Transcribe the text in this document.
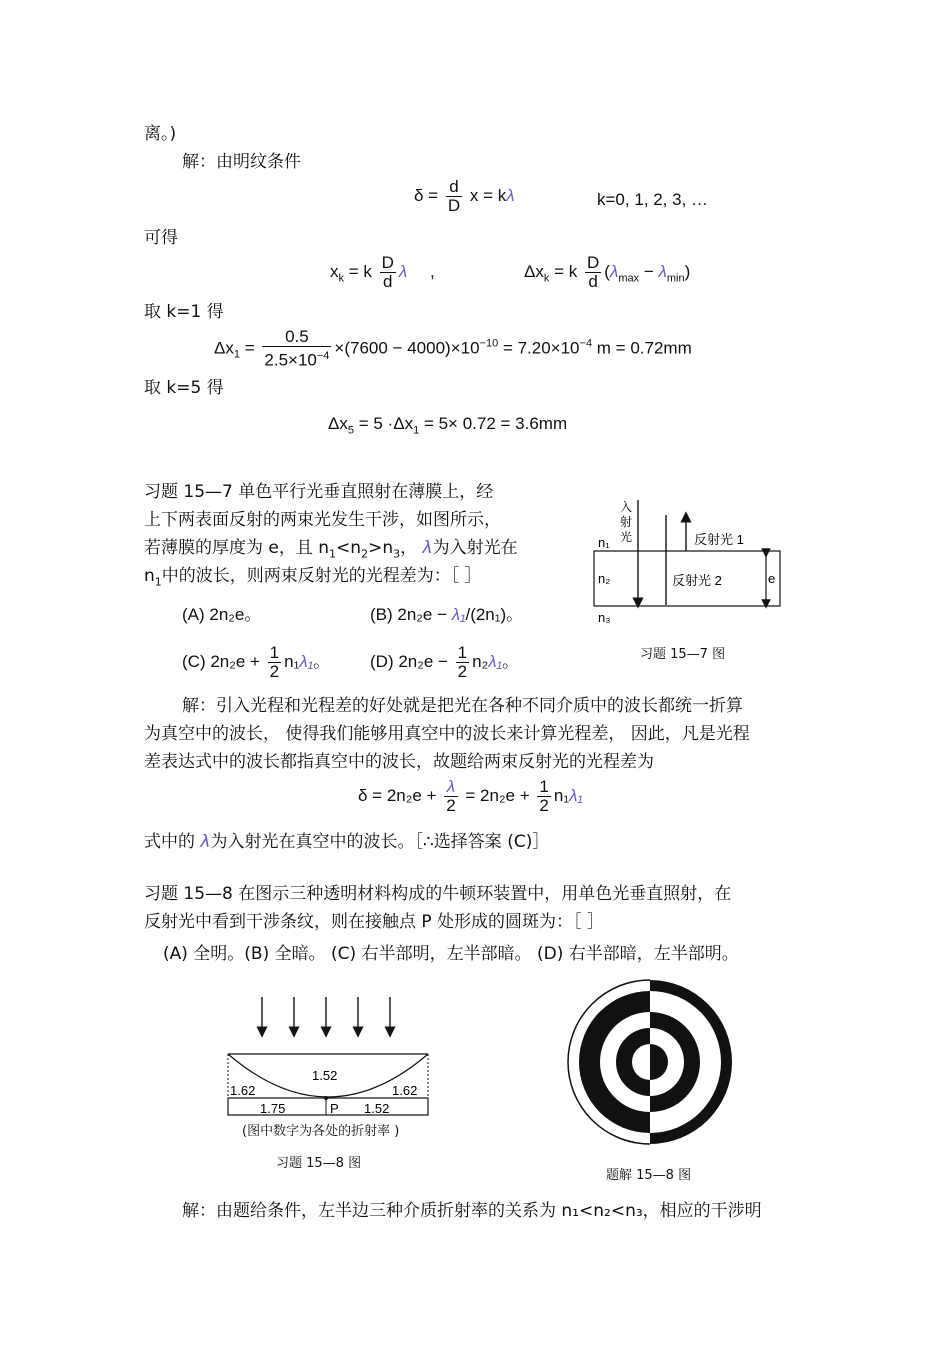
离。)
解：由明纹条件
$\delta = \frac{d}{D}$ x = kλ	k=0, 1, 2, 3, …
可得
$x_k = k \frac{D}{d}$ λ ,	$\Delta x_k = k \frac{D}{d} (\lambda_{max} - \lambda_{min})$
取 k=1 得
$\Delta x_1 = \frac{0.5}{2.5\times 10^{-4}} \times(7600 - 4000)\times 10^{-10} = 7.20\times 10^{-4}$ m = 0.72mm
取 k=5 得
$\Delta x_5 = 5 \cdot\Delta x_1 = 5\times 0.72 = 3.6mm$
习题 15—7 单色平行光垂直照射在薄膜上，经
上下两表面反射的两束光发生干涉，如图所示，
若薄膜的厚度为 e，且 $n_1<n_2>n_3$， λ为入射光在
$n_1$中的波长，则两束反射光的光程差为：［ ］
(A) 2n₂e。	(B) 2n₂e − λ₁/(2n₁)。
(C) $2n_2e + \frac{1}{2} n_1\lambda_1$。 (D) $2n_2e - \frac{1}{2} n_2\lambda_1$。
入
射
光
n₁
n₂
n₃
反射光 1
反射光 2	e
习题 15—7 图
解：引入光程和光程差的好处就是把光在各种不同介质中的波长都统一折算
为真空中的波长， 使得我们能够用真空中的波长来计算光程差， 因此，凡是光程
差表达式中的波长都指真空中的波长，故题给两束反射光的光程差为
$\delta = 2n_2e + \frac{\lambda}{2} = 2n_2e + \frac{1}{2} n_1\lambda_1$
式中的 λ为入射光在真空中的波长。［∴选择答案 (C)］
习题 15—8 在图示三种透明材料构成的牛顿环装置中，用单色光垂直照射，在
反射光中看到干涉条纹，则在接触点 P 处形成的圆斑为：［ ］
(A) 全明。(B) 全暗。 (C) 右半部明，左半部暗。 (D) 右半部暗，左半部明。
1.52
1.62	1.62
1.75	P 1.52
(图中数字为各处的折射率 )
习题 15—8 图
题解 15—8 图
解：由题给条件，左半边三种介质折射率的关系为 n₁<n₂<n₃，相应的干涉明
